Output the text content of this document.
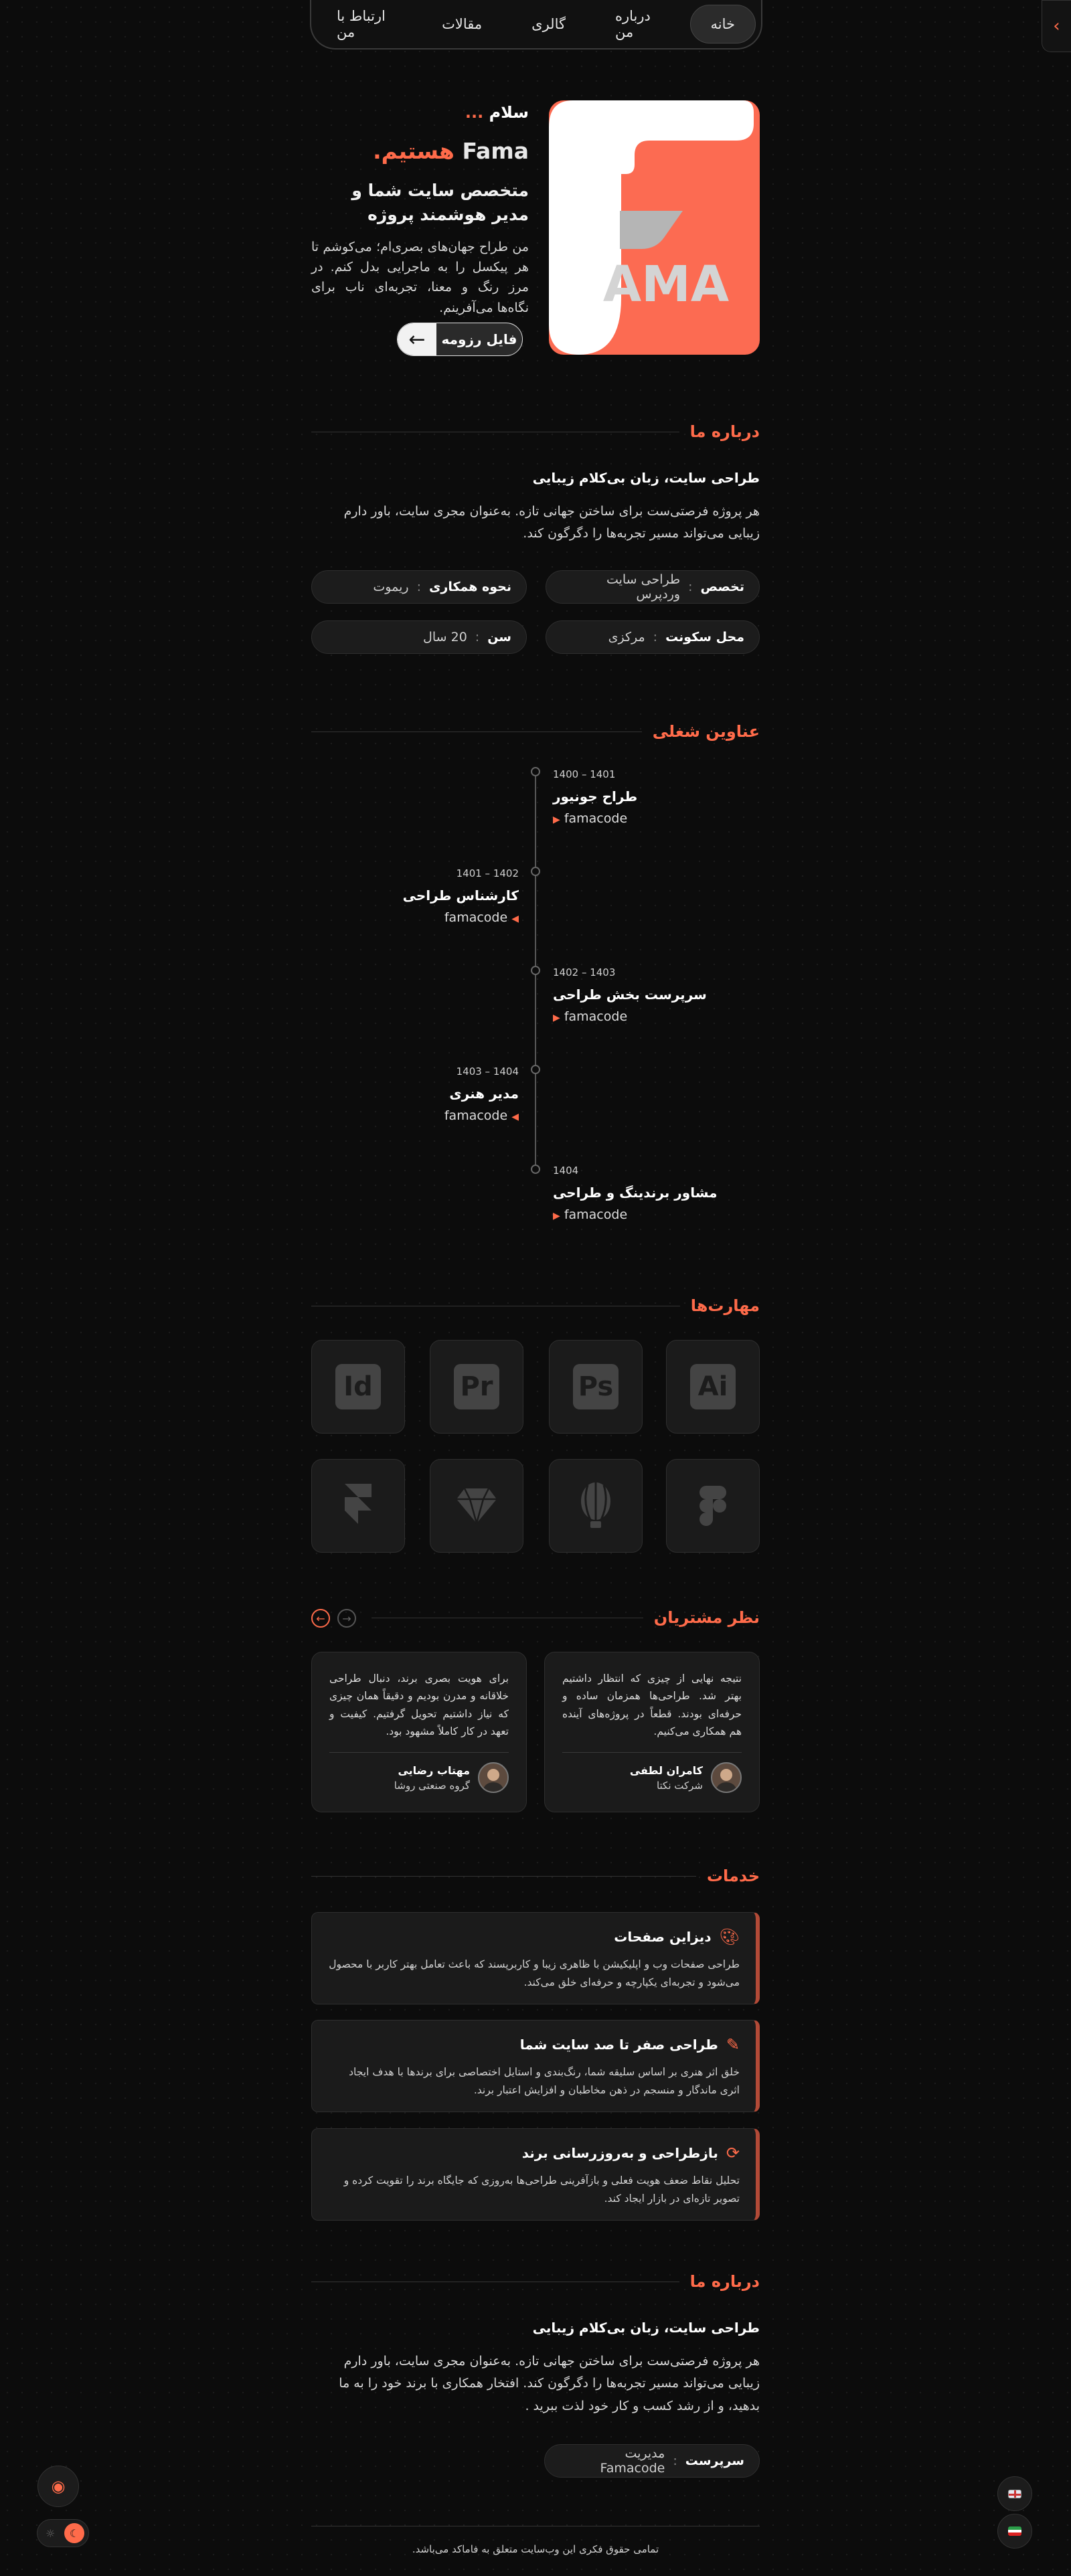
خانه
درباره من
گالری
مقالات
ارتباط با من	‹
AMA
سلام ...
Fama هستیم.
متخصص سایت شما و مدیر هوشمند پروژه
من طراح جهان‌های بصری‌ام؛ می‌کوشم تا هر پیکسل را به ماجرایی بدل کنم. در مرز رنگ و معنا، تجربه‌ای ناب برای نگاه‌ها می‌آفرینم.
←	فایل رزومه
درباره ما
طراحی سایت، زبان بی‌کلام زیبایی
هر پروژه فرصتی‌ست برای ساختن جهانی تازه. به‌عنوان مجری سایت، باور دارم زیبایی می‌تواند مسیر تجربه‌ها را دگرگون کند.
تخصص
:
طراحی سایت وردپرس
نحوه همکاری
:
ریموت
محل سکونت
:
مرکزی
سن
:
20 سال
عناوین شغلی
1400 – 1401
طراح جونیور
▶ famacode
1401 – 1402
کارشناس طراحی
famacode ◀
1402 – 1403
سرپرست بخش طراحی
▶ famacode
1403 – 1404
مدیر هنری
famacode ◀
1404
مشاور برندینگ و طراحی
▶ famacode
مهارت‌ها
Ai
Ps
Pr
Id
نظر مشتریان
→
←
نتیجه نهایی از چیزی که انتظار داشتیم بهتر شد. طراحی‌ها همزمان ساده و حرفه‌ای بودند. قطعاً در پروژه‌های آینده هم همکاری می‌کنیم.
کامران لطفی
شرکت نکتا
برای هویت بصری برند، دنبال طراحی خلاقانه و مدرن بودیم و دقیقاً همان چیزی که نیاز داشتیم تحویل گرفتیم. کیفیت و تعهد در کار کاملاً مشهود بود.
مهتاب رضایی
گروه صنعتی روشا
خدمات
🎨︎
دیزاین صفحات
طراحی صفحات وب و اپلیکیشن با ظاهری زیبا و کاربرپسند که باعث تعامل بهتر کاربر با محصول می‌شود و تجربه‌ای یکپارچه و حرفه‌ای خلق می‌کند.
✎
طراحی صفر تا صد سایت شما
خلق اثر هنری بر اساس سلیقه شما، رنگ‌بندی و استایل اختصاصی برای برندها با هدف ایجاد اثری ماندگار و منسجم در ذهن مخاطبان و افزایش اعتبار برند.
⟳
بازطراحی و به‌روزرسانی برند
تحلیل نقاط ضعف هویت فعلی و بازآفرینی طراحی‌ها به‌روزی که جایگاه برند را تقویت کرده و تصویر تازه‌ای در بازار ایجاد کند.
درباره ما
طراحی سایت، زبان بی‌کلام زیبایی
هر پروژه فرصتی‌ست برای ساختن جهانی تازه. به‌عنوان مجری سایت، باور دارم زیبایی می‌تواند مسیر تجربه‌ها را دگرگون کند. افتخار همکاری با برند خود را به ما بدهید، و از رشد کسب و کار خود لذت ببرید .
سرپرست
:
مدیریت Famacode
◉
☼	☾
تمامی حقوق فکری این وب‌سایت متعلق به فاماکد می‌باشد.
